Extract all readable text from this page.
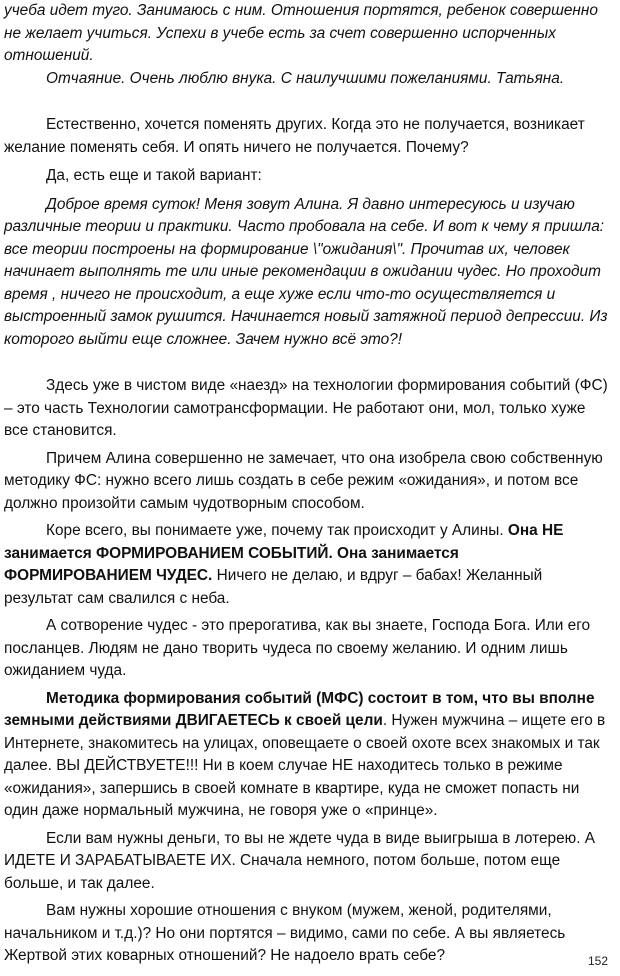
учеба идет туго. Занимаюсь с ним. Отношения портятся, ребенок совершенно не желает учиться. Успехи в учебе есть за счет совершенно испорченных отношений.

Отчаяние. Очень люблю внука. С наилучшими пожеланиями. Татьяна.

Естественно, хочется поменять других. Когда это не получается, возникает желание поменять себя. И опять ничего не получается. Почему?

Да, есть еще и такой вариант:

Доброе время суток! Меня зовут Алина. Я давно интересуюсь и изучаю различные теории и практики. Часто пробовала на себе. И вот к чему я пришла: все теории построены на формирование \"ожидания\". Прочитав их, человек начинает выполнять те или иные рекомендации в ожидании чудес. Но проходит время , ничего не происходит, а еще хуже если что-то осуществляется и выстроенный замок рушится. Начинается новый затяжной период депрессии. Из которого выйти еще сложнее. Зачем нужно всё это?!

Здесь уже в чистом виде «наезд» на технологии формирования событий (ФС) – это часть Технологии самотрансформации. Не работают они, мол, только хуже все становится.

Причем Алина совершенно не замечает, что она изобрела свою собственную методику ФС: нужно всего лишь создать в себе режим «ожидания», и потом все должно произойти самым чудотворным способом.

Коре всего, вы понимаете уже, почему так происходит у Алины. Она НЕ занимается ФОРМИРОВАНИЕМ СОБЫТИЙ. Она занимается ФОРМИРОВАНИЕМ ЧУДЕС. Ничего не делаю, и вдруг – бабах! Желанный результат сам свалился с неба.

А сотворение чудес - это прерогатива, как вы знаете, Господа Бога. Или его посланцев. Людям не дано творить чудеса по своему желанию. И одним лишь ожиданием чуда.

Методика формирования событий (МФС) состоит в том, что вы вполне земными действиями ДВИГАЕТЕСЬ к своей цели. Нужен мужчина – ищете его в Интернете, знакомитесь на улицах, оповещаете о своей охоте всех знакомых и так далее. ВЫ ДЕЙСТВУЕТЕ!!! Ни в коем случае НЕ находитесь только в режиме «ожидания», запершись в своей комнате в квартире, куда не сможет попасть ни один даже нормальный мужчина, не говоря уже о «принце».

Если вам нужны деньги, то вы не ждете чуда в виде выигрыша в лотерею. А ИДЕТЕ И ЗАРАБАТЫВАЕТЕ ИХ. Сначала немного, потом больше, потом еще больше, и так далее.

Вам нужны хорошие отношения с внуком (мужем, женой, родителями, начальником и т.д.)? Но они портятся – видимо, сами по себе. А вы являетесь Жертвой этих коварных отношений? Не надоело врать себе?	152
